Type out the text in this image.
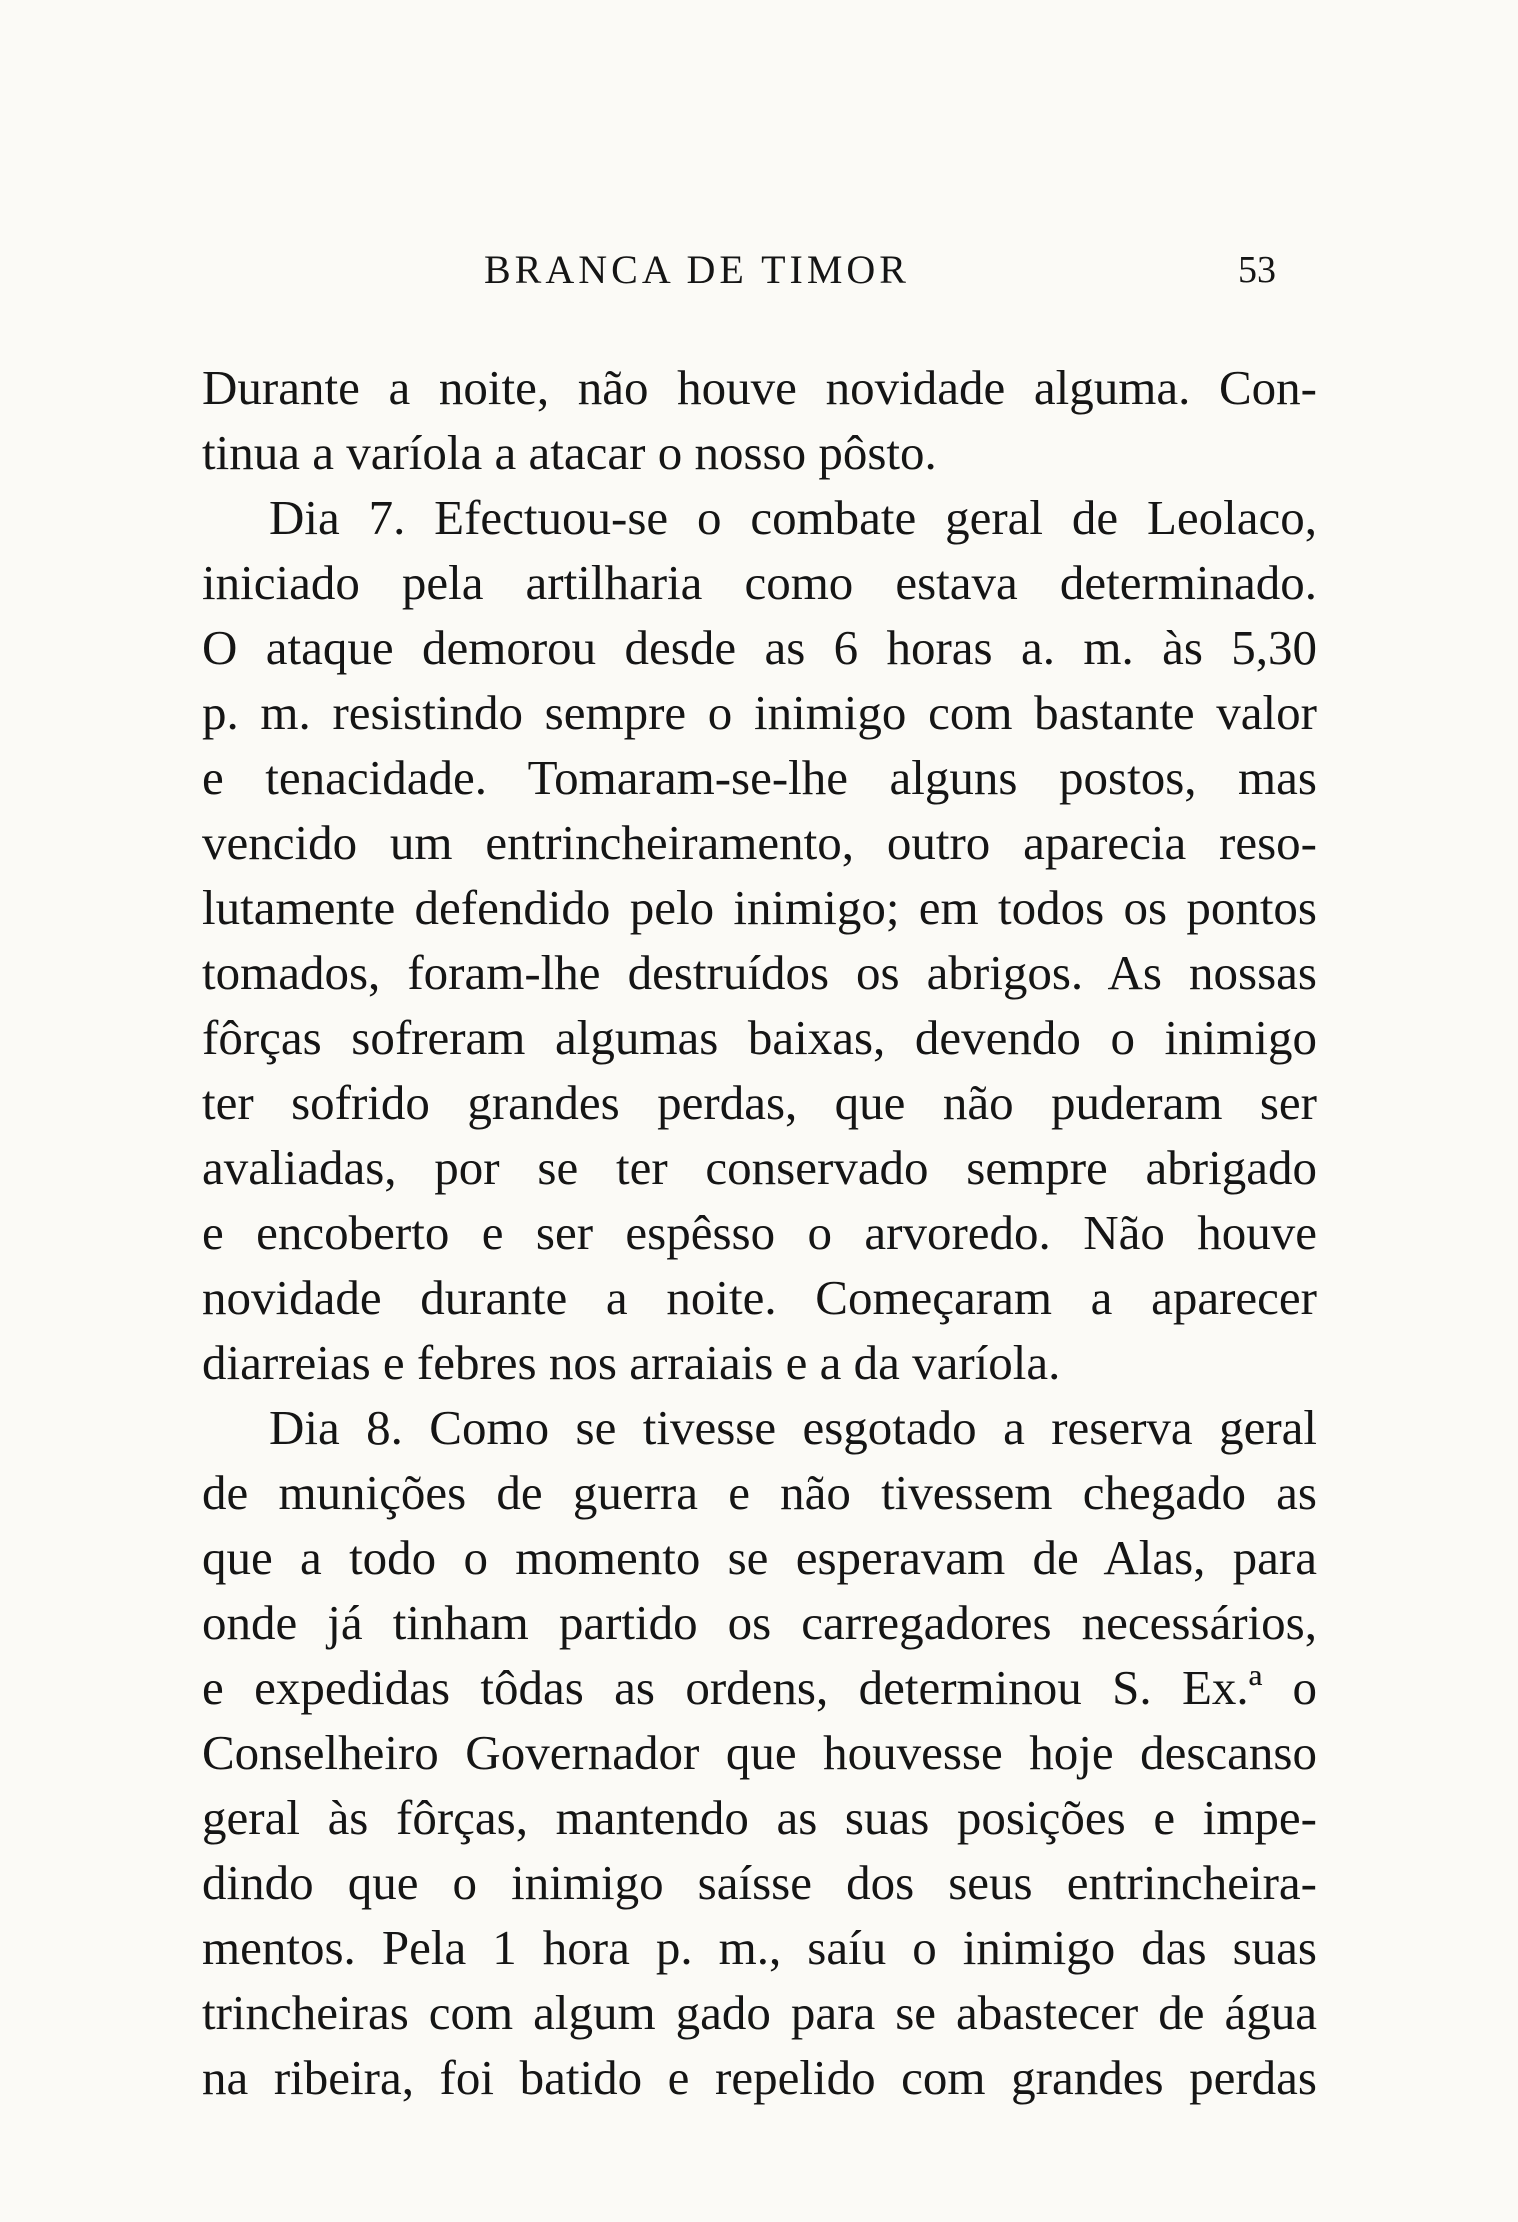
BRANCA DE TIMOR	53
Durante a noite, não houve novidade alguma. Con-
tinua a varíola a atacar o nosso pôsto.
Dia 7. Efectuou-se o combate geral de Leolaco,
iniciado pela artilharia como estava determinado.
O ataque demorou desde as 6 horas a. m. às 5,30
p. m. resistindo sempre o inimigo com bastante valor
e tenacidade. Tomaram-se-lhe alguns postos, mas
vencido um entrincheiramento, outro aparecia reso-
lutamente defendido pelo inimigo; em todos os pontos
tomados, foram-lhe destruídos os abrigos. As nossas
fôrças sofreram algumas baixas, devendo o inimigo
ter sofrido grandes perdas, que não puderam ser
avaliadas, por se ter conservado sempre abrigado
e encoberto e ser espêsso o arvoredo. Não houve
novidade durante a noite. Começaram a aparecer
diarreias e febres nos arraiais e a da varíola.
Dia 8. Como se tivesse esgotado a reserva geral
de munições de guerra e não tivessem chegado as
que a todo o momento se esperavam de Alas, para
onde já tinham partido os carregadores necessários,
e expedidas tôdas as ordens, determinou S. Ex.ª o
Conselheiro Governador que houvesse hoje descanso
geral às fôrças, mantendo as suas posições e impe-
dindo que o inimigo saísse dos seus entrincheira-
mentos. Pela 1 hora p. m., saíu o inimigo das suas
trincheiras com algum gado para se abastecer de água
na ribeira, foi batido e repelido com grandes perdas
